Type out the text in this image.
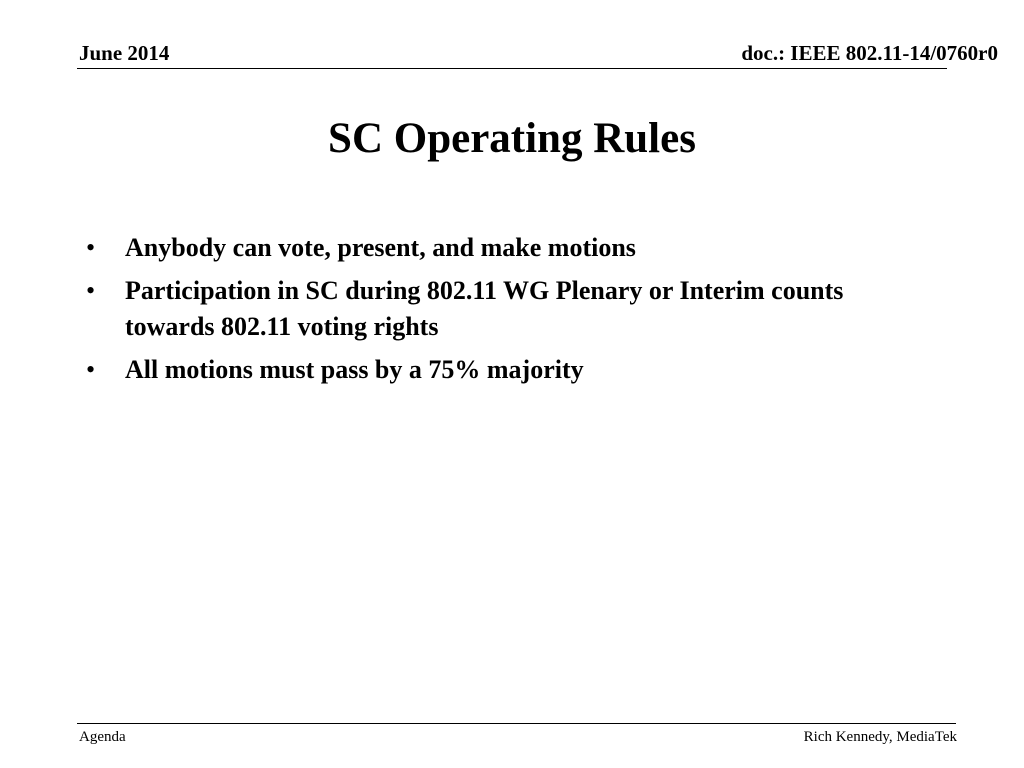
June 2014	doc.: IEEE 802.11-14/0760r0
SC Operating Rules
• Anybody can vote, present, and make motions
• Participation in SC during 802.11 WG Plenary or Interim counts towards 802.11 voting rights
• All motions must pass by a 75% majority
Agenda	Rich Kennedy, MediaTek
